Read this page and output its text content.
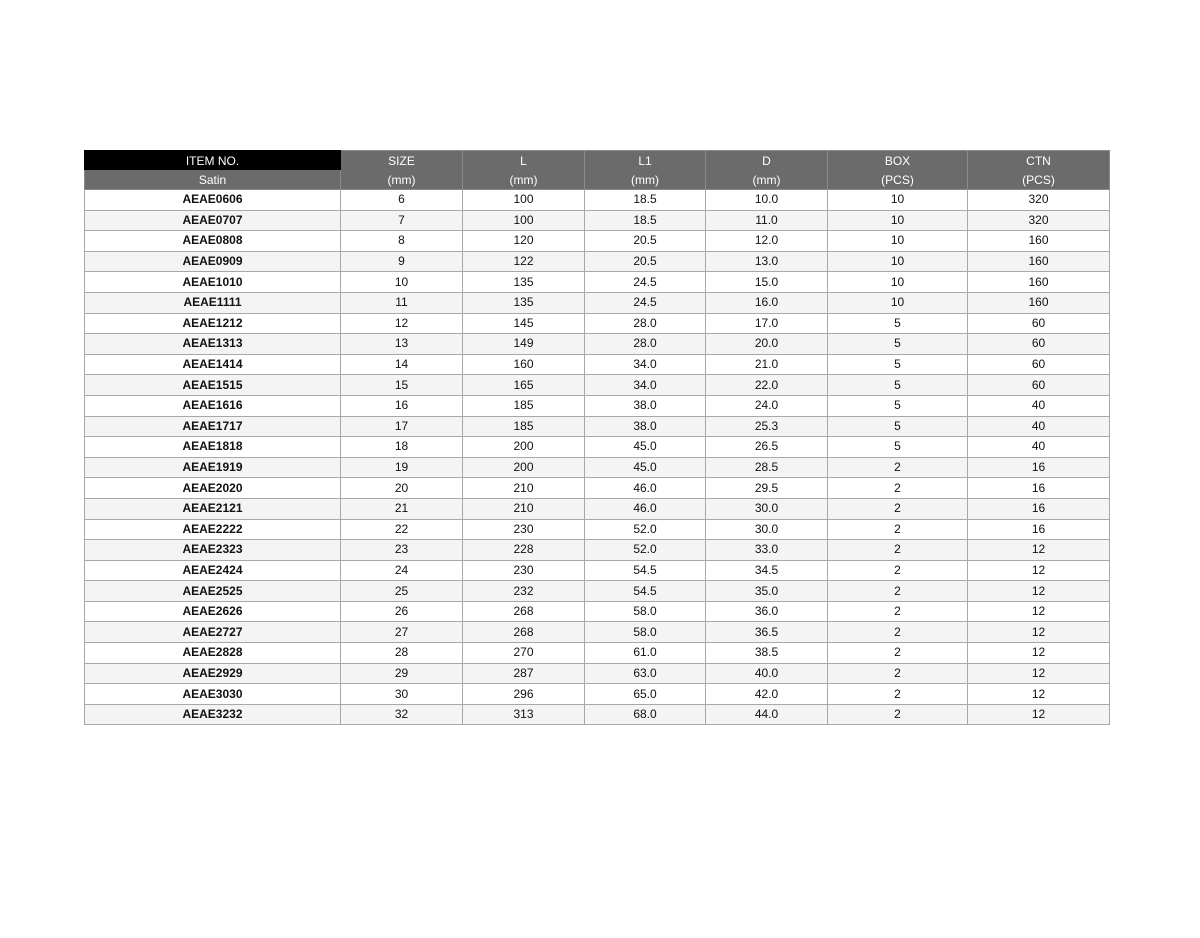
ITEM NO.	SIZE	L	L1	D	BOX	CTN
Satin	(mm)	(mm)	(mm)	(mm)	(PCS)	(PCS)
AEAE0606	6	100	18.5	10.0	10	320
AEAE0707	7	100	18.5	11.0	10	320
AEAE0808	8	120	20.5	12.0	10	160
AEAE0909	9	122	20.5	13.0	10	160
AEAE1010	10	135	24.5	15.0	10	160
AEAE1111	11	135	24.5	16.0	10	160
AEAE1212	12	145	28.0	17.0	5	60
AEAE1313	13	149	28.0	20.0	5	60
AEAE1414	14	160	34.0	21.0	5	60
AEAE1515	15	165	34.0	22.0	5	60
AEAE1616	16	185	38.0	24.0	5	40
AEAE1717	17	185	38.0	25.3	5	40
AEAE1818	18	200	45.0	26.5	5	40
AEAE1919	19	200	45.0	28.5	2	16
AEAE2020	20	210	46.0	29.5	2	16
AEAE2121	21	210	46.0	30.0	2	16
AEAE2222	22	230	52.0	30.0	2	16
AEAE2323	23	228	52.0	33.0	2	12
AEAE2424	24	230	54.5	34.5	2	12
AEAE2525	25	232	54.5	35.0	2	12
AEAE2626	26	268	58.0	36.0	2	12
AEAE2727	27	268	58.0	36.5	2	12
AEAE2828	28	270	61.0	38.5	2	12
AEAE2929	29	287	63.0	40.0	2	12
AEAE3030	30	296	65.0	42.0	2	12
AEAE3232	32	313	68.0	44.0	2	12
